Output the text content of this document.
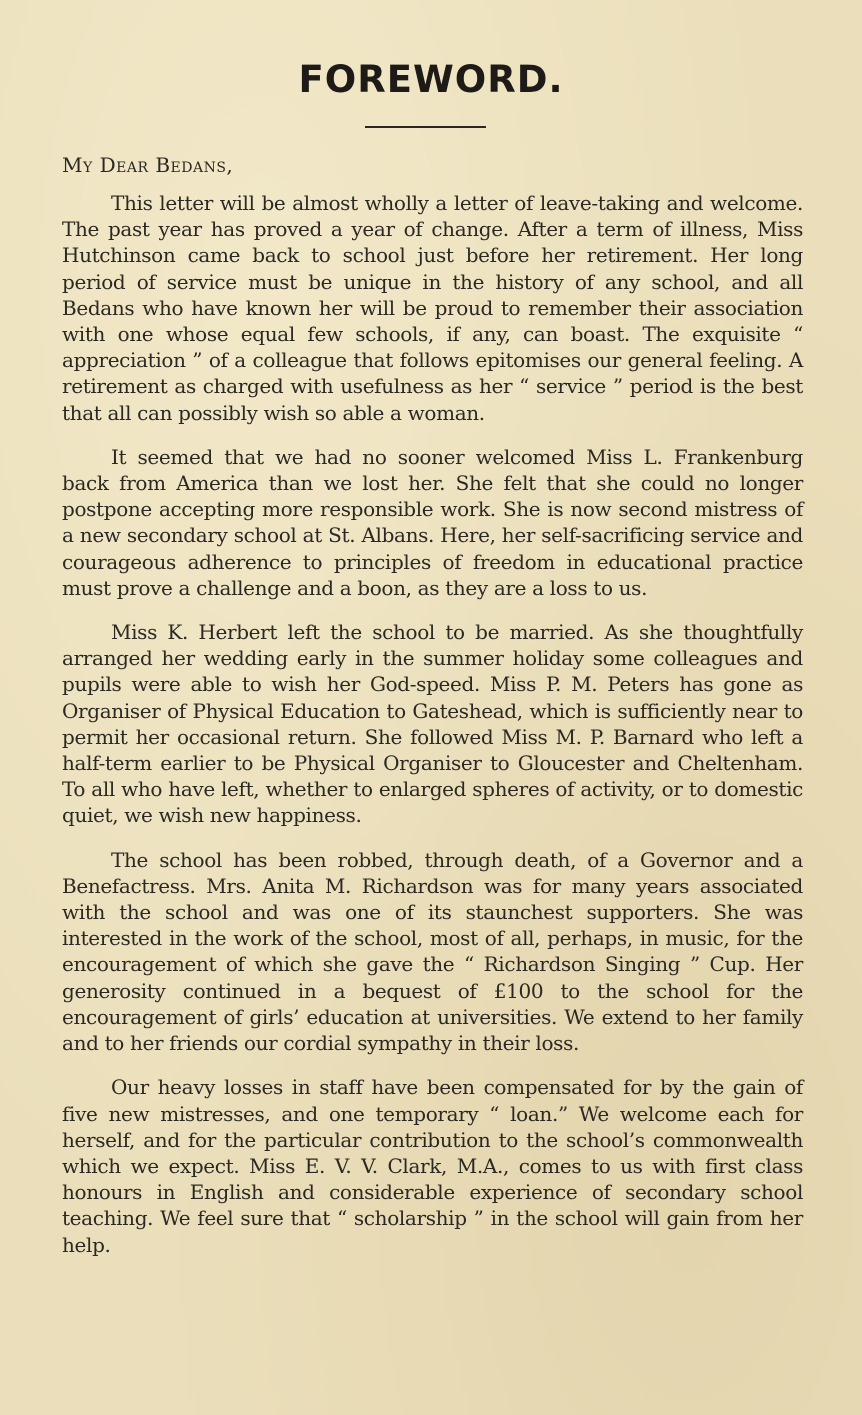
FOREWORD.

My Dear Bedans,

This letter will be almost wholly a letter of leave-taking and welcome. The past year has proved a year of change. After a term of illness, Miss Hutchinson came back to school just before her retirement. Her long period of service must be unique in the history of any school, and all Bedans who have known her will be proud to remember their association with one whose equal few schools, if any, can boast. The exquisite “ appreciation ” of a colleague that follows epitomises our general feeling. A retirement as charged with usefulness as her “ service ” period is the best that all can possibly wish so able a woman.

It seemed that we had no sooner welcomed Miss L. Frankenburg back from America than we lost her. She felt that she could no longer postpone accepting more responsible work. She is now second mistress of a new secondary school at St. Albans. Here, her self-sacrificing service and courageous adherence to principles of freedom in educational practice must prove a challenge and a boon, as they are a loss to us.

Miss K. Herbert left the school to be married. As she thoughtfully arranged her wedding early in the summer holiday some colleagues and pupils were able to wish her God-speed. Miss P. M. Peters has gone as Organiser of Physical Education to Gateshead, which is sufficiently near to permit her occasional return. She followed Miss M. P. Barnard who left a half-term earlier to be Physical Organiser to Gloucester and Cheltenham. To all who have left, whether to enlarged spheres of activity, or to domestic quiet, we wish new happiness.

The school has been robbed, through death, of a Governor and a Benefactress. Mrs. Anita M. Richardson was for many years associated with the school and was one of its staunchest supporters. She was interested in the work of the school, most of all, perhaps, in music, for the encouragement of which she gave the “ Richardson Singing ” Cup. Her generosity continued in a bequest of £100 to the school for the encouragement of girls’ education at universities. We extend to her family and to her friends our cordial sympathy in their loss.

Our heavy losses in staff have been compensated for by the gain of five new mistresses, and one temporary “ loan.” We welcome each for herself, and for the particular contribution to the school’s commonwealth which we expect. Miss E. V. V. Clark, M.A., comes to us with first class honours in English and considerable experience of secondary school teaching. We feel sure that “ scholarship ” in the school will gain from her help.
